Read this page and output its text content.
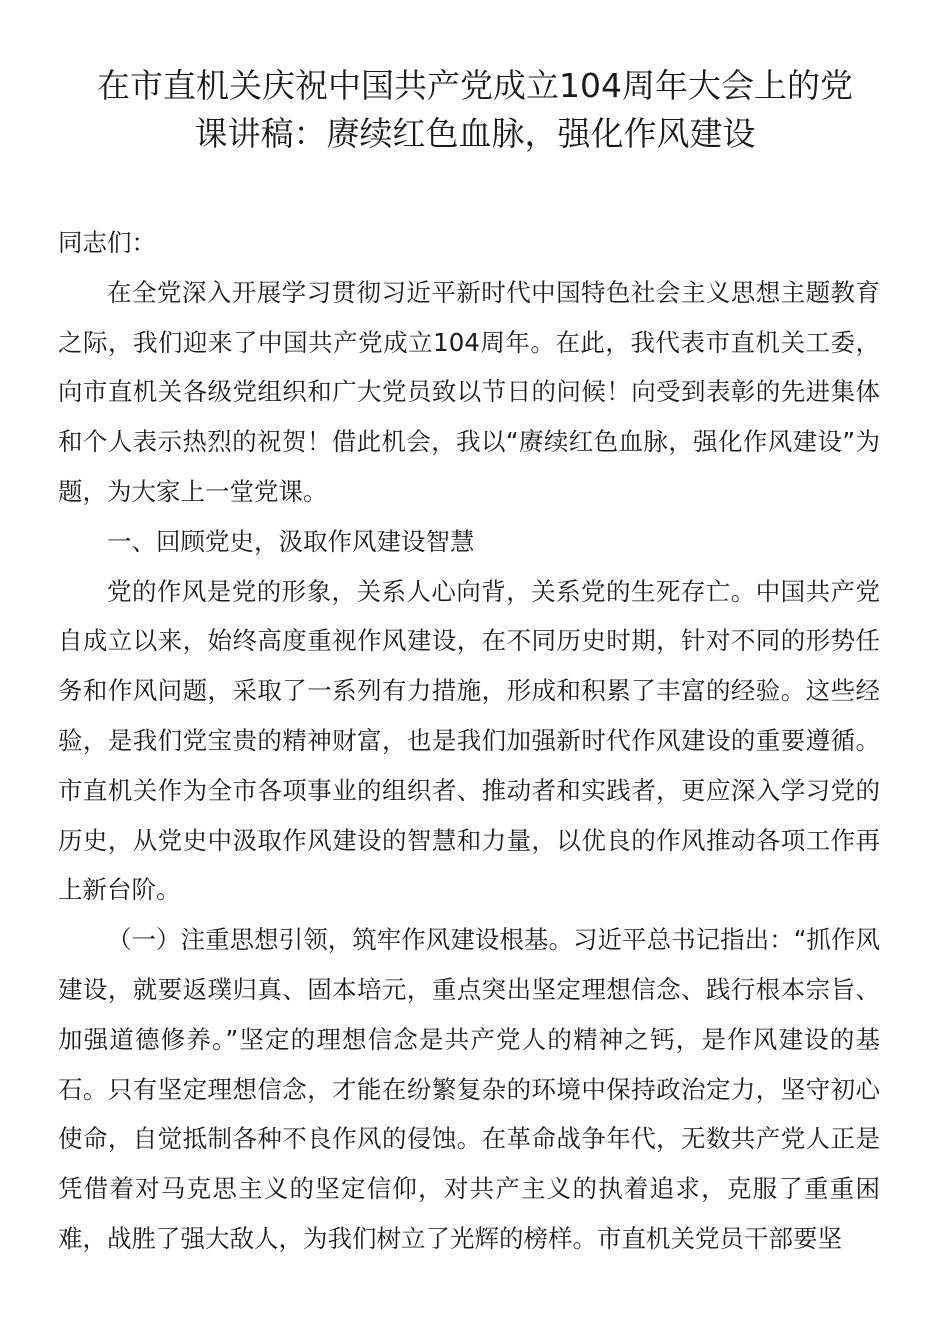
在市直机关庆祝中国共产党成立104周年大会上的党
课讲稿：赓续红色血脉，强化作风建设

同志们：

在全党深入开展学习贯彻习近平新时代中国特色社会主义思想主题教育之际，我们迎来了中国共产党成立104周年。在此，我代表市直机关工委，向市直机关各级党组织和广大党员致以节日的问候！向受到表彰的先进集体和个人表示热烈的祝贺！借此机会，我以“赓续红色血脉，强化作风建设”为题，为大家上一堂党课。

一、回顾党史，汲取作风建设智慧

党的作风是党的形象，关系人心向背，关系党的生死存亡。中国共产党自成立以来，始终高度重视作风建设，在不同历史时期，针对不同的形势任务和作风问题，采取了一系列有力措施，形成和积累了丰富的经验。这些经验，是我们党宝贵的精神财富，也是我们加强新时代作风建设的重要遵循。市直机关作为全市各项事业的组织者、推动者和实践者，更应深入学习党的历史，从党史中汲取作风建设的智慧和力量，以优良的作风推动各项工作再上新台阶。

（一）注重思想引领，筑牢作风建设根基。习近平总书记指出：“抓作风建设，就要返璞归真、固本培元，重点突出坚定理想信念、践行根本宗旨、加强道德修养。”坚定的理想信念是共产党人的精神之钙，是作风建设的基石。只有坚定理想信念，才能在纷繁复杂的环境中保持政治定力，坚守初心使命，自觉抵制各种不良作风的侵蚀。在革命战争年代，无数共产党人正是凭借着对马克思主义的坚定信仰，对共产主义的执着追求，克服了重重困难，战胜了强大敌人，为我们树立了光辉的榜样。市直机关党员干部要坚
